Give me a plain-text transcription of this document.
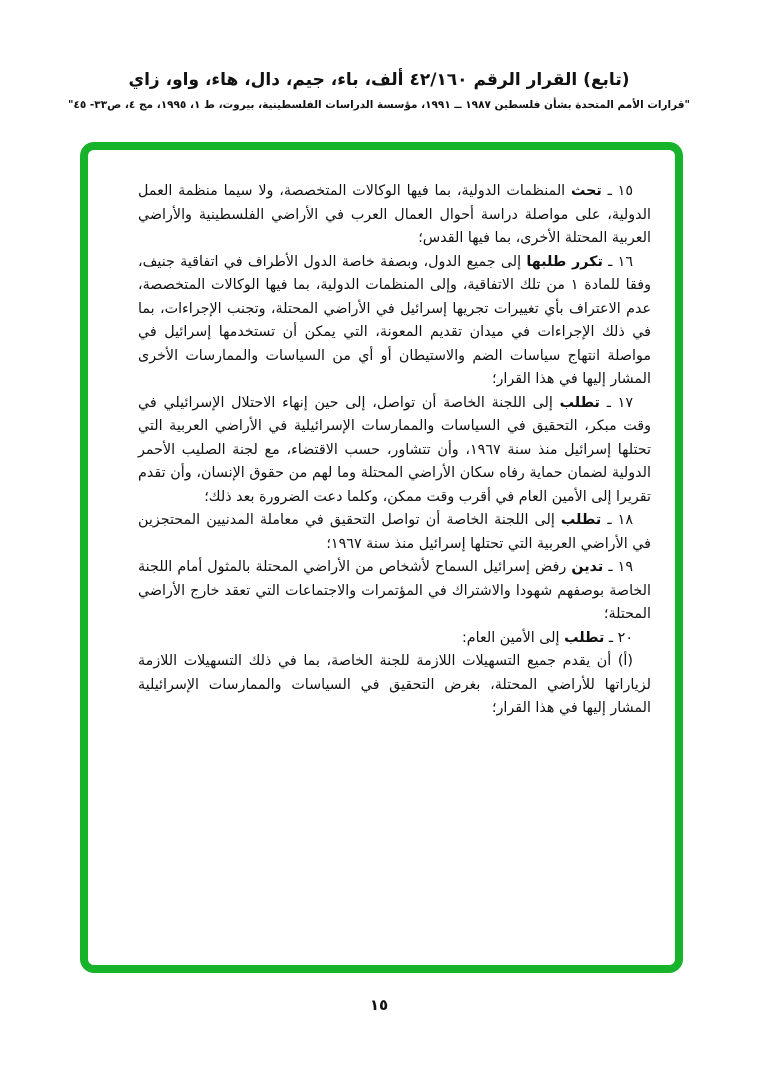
(تابع) القرار الرقم ٤٢/١٦٠ ألف، باء، جيم، دال، هاء، واو، زاي
"قرارات الأمم المتحدة بشأن فلسطين ١٩٨٧ ــ ١٩٩١، مؤسسة الدراسات الفلسطينية، بيروت، ط ١، ١٩٩٥، مج ٤، ص٣٣- ٤٥"

١٥ ـ تحث المنظمات الدولية، بما فيها الوكالات المتخصصة، ولا سيما منظمة العمل الدولية، على مواصلة دراسة أحوال العمال العرب في الأراضي الفلسطينية والأراضي العربية المحتلة الأخرى، بما فيها القدس؛

١٦ ـ تكرر طلبها إلى جميع الدول، وبصفة خاصة الدول الأطراف في اتفاقية جنيف، وفقا للمادة ١ من تلك الاتفاقية، وإلى المنظمات الدولية، بما فيها الوكالات المتخصصة، عدم الاعتراف بأي تغييرات تجريها إسرائيل في الأراضي المحتلة، وتجنب الإجراءات، بما في ذلك الإجراءات في ميدان تقديم المعونة، التي يمكن أن تستخدمها إسرائيل في مواصلة انتهاج سياسات الضم والاستيطان أو أي من السياسات والممارسات الأخرى المشار إليها في هذا القرار؛

١٧ ـ تطلب إلى اللجنة الخاصة أن تواصل، إلى حين إنهاء الاحتلال الإسرائيلي في وقت مبكر، التحقيق في السياسات والممارسات الإسرائيلية في الأراضي العربية التي تحتلها إسرائيل منذ سنة ١٩٦٧، وأن تتشاور، حسب الاقتضاء، مع لجنة الصليب الأحمر الدولية لضمان حماية رفاه سكان الأراضي المحتلة وما لهم من حقوق الإنسان، وأن تقدم تقريرا إلى الأمين العام في أقرب وقت ممكن، وكلما دعت الضرورة بعد ذلك؛

١٨ ـ تطلب إلى اللجنة الخاصة أن تواصل التحقيق في معاملة المدنيين المحتجزين في الأراضي العربية التي تحتلها إسرائيل منذ سنة ١٩٦٧؛

١٩ ـ تدين رفض إسرائيل السماح لأشخاص من الأراضي المحتلة بالمثول أمام اللجنة الخاصة بوصفهم شهودا والاشتراك في المؤتمرات والاجتماعات التي تعقد خارج الأراضي المحتلة؛

٢٠ ـ تطلب إلى الأمين العام:

(أ) أن يقدم جميع التسهيلات اللازمة للجنة الخاصة، بما في ذلك التسهيلات اللازمة لزياراتها للأراضي المحتلة، بغرض التحقيق في السياسات والممارسات الإسرائيلية المشار إليها في هذا القرار؛

١٥
